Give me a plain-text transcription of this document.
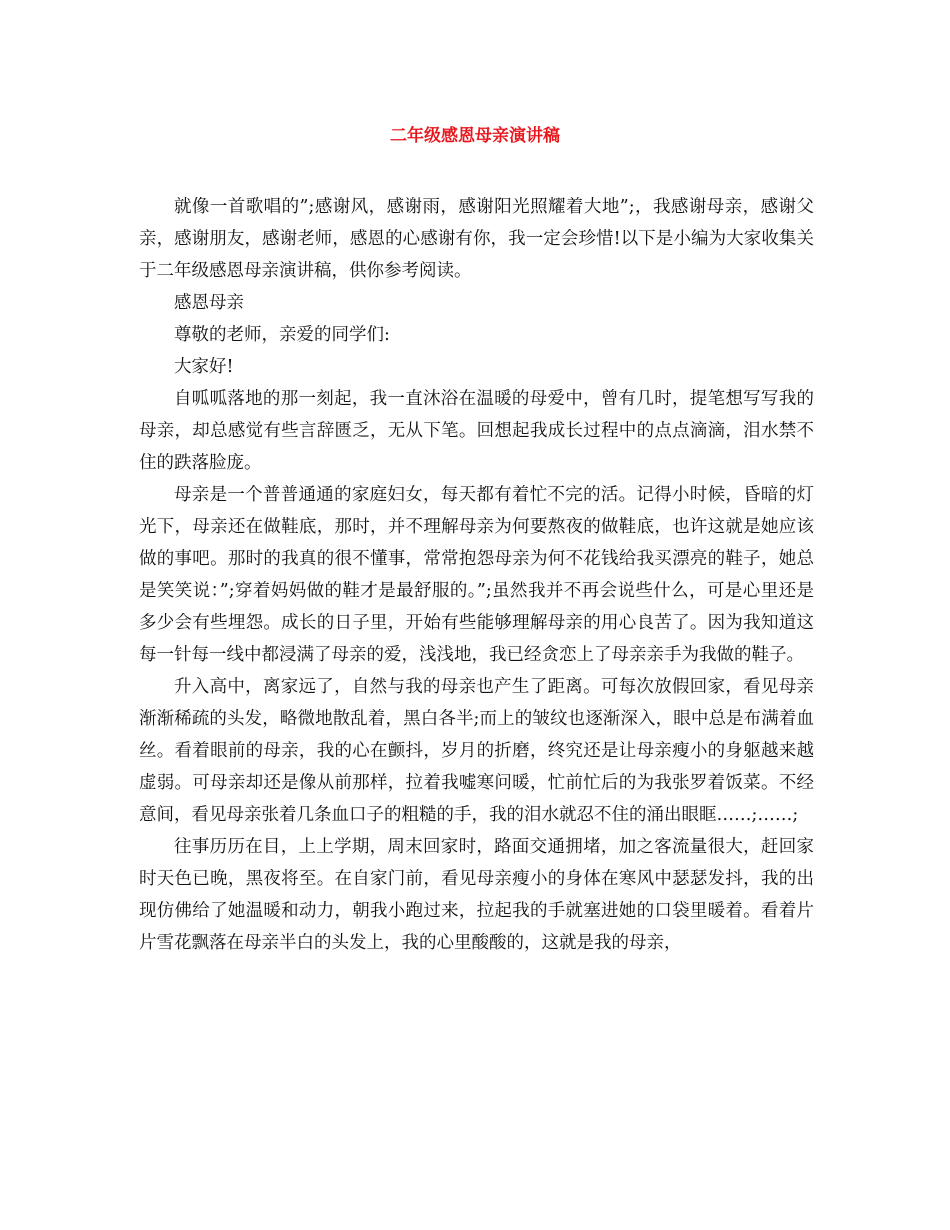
二年级感恩母亲演讲稿

就像一首歌唱的”;感谢风，感谢雨，感谢阳光照耀着大地”;，我感谢母亲，感谢父亲，感谢朋友，感谢老师，感恩的心感谢有你，我一定会珍惜!以下是小编为大家收集关于二年级感恩母亲演讲稿，供你参考阅读。

感恩母亲

尊敬的老师，亲爱的同学们:

大家好!

自呱呱落地的那一刻起，我一直沐浴在温暖的母爱中，曾有几时，提笔想写写我的母亲，却总感觉有些言辞匮乏，无从下笔。回想起我成长过程中的点点滴滴，泪水禁不住的跌落脸庞。

母亲是一个普普通通的家庭妇女，每天都有着忙不完的活。记得小时候，昏暗的灯光下，母亲还在做鞋底，那时，并不理解母亲为何要熬夜的做鞋底，也许这就是她应该做的事吧。那时的我真的很不懂事，常常抱怨母亲为何不花钱给我买漂亮的鞋子，她总是笑笑说：”;穿着妈妈做的鞋才是最舒服的。”;虽然我并不再会说些什么，可是心里还是多少会有些埋怨。成长的日子里，开始有些能够理解母亲的用心良苦了。因为我知道这每一针每一线中都浸满了母亲的爱，浅浅地，我已经贪恋上了母亲亲手为我做的鞋子。

升入高中，离家远了，自然与我的母亲也产生了距离。可每次放假回家，看见母亲渐渐稀疏的头发，略微地散乱着，黑白各半;而上的皱纹也逐渐深入，眼中总是布满着血丝。看着眼前的母亲，我的心在颤抖，岁月的折磨，终究还是让母亲瘦小的身躯越来越虚弱。可母亲却还是像从前那样，拉着我嘘寒问暖，忙前忙后的为我张罗着饭菜。不经意间，看见母亲张着几条血口子的粗糙的手，我的泪水就忍不住的涌出眼眶……;……;

往事历历在目，上上学期，周末回家时，路面交通拥堵，加之客流量很大，赶回家时天色已晚，黑夜将至。在自家门前，看见母亲瘦小的身体在寒风中瑟瑟发抖，我的出现仿佛给了她温暖和动力，朝我小跑过来，拉起我的手就塞进她的口袋里暖着。看着片片雪花飘落在母亲半白的头发上，我的心里酸酸的，这就是我的母亲，
